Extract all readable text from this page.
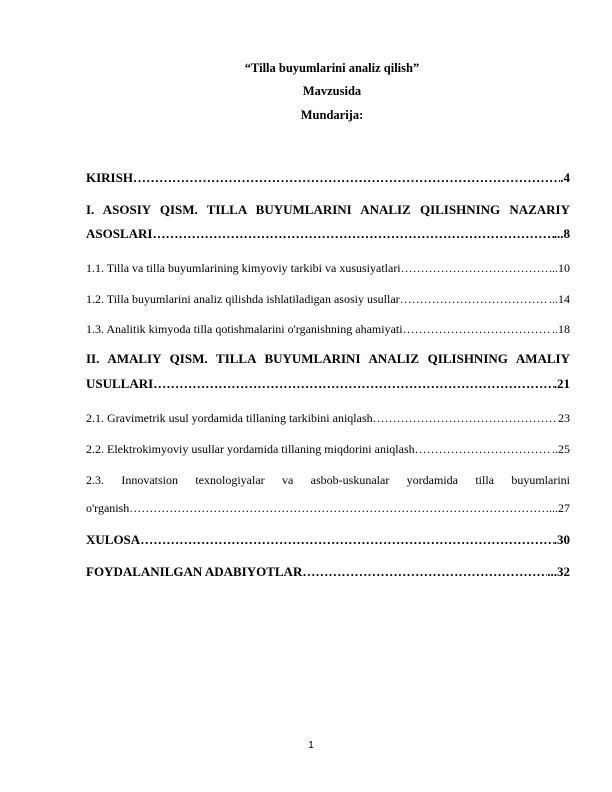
“Tilla buyumlarini analiz qilish”
Mavzusida
Mundarija:
KIRISH ……………………………………………………………………………………………………………………………………………………………………………	.4
I. ASOSIY QISM. TILLA BUYUMLARINI ANALIZ QILISHNING NAZARIY
ASOSLARI ……………………………………………………………………………………………………………………………………………………………………………	...8
1.1. Tilla va tilla buyumlarining kimyoviy tarkibi va xususiyatlari ……………………………………………………………………………………………………………………………………………………………………………	...10
1.2. Tilla buyumlarini analiz qilishda ishlatiladigan asosiy usullar ……………………………………………………………………………………………………………………………………………………………………………	...14
1.3. Analitik kimyoda tilla qotishmalarini o'rganishning ahamiyati ……………………………………………………………………………………………………………………………………………………………………………	..18
II. AMALIY QISM. TILLA BUYUMLARINI ANALIZ QILISHNING AMALIY
USULLARI ……………………………………………………………………………………………………………………………………………………………………………	.21
2.1. Gravimetrik usul yordamida tillaning tarkibini aniqlash ……………………………………………………………………………………………………………………………………………………………………………	23
2.2. Elektrokimyoviy usullar yordamida tillaning miqdorini aniqlash ……………………………………………………………………………………………………………………………………………………………………………	..25
2.3. Innovatsion texnologiyalar va asbob-uskunalar yordamida tilla buyumlarini
o'rganish ……………………………………………………………………………………………………………………………………………………………………………	...27
XULOSA ……………………………………………………………………………………………………………………………………………………………………………	.30
FOYDALANILGAN ADABIYOTLAR ……………………………………………………………………………………………………………………………………………………………………………	...32
1
